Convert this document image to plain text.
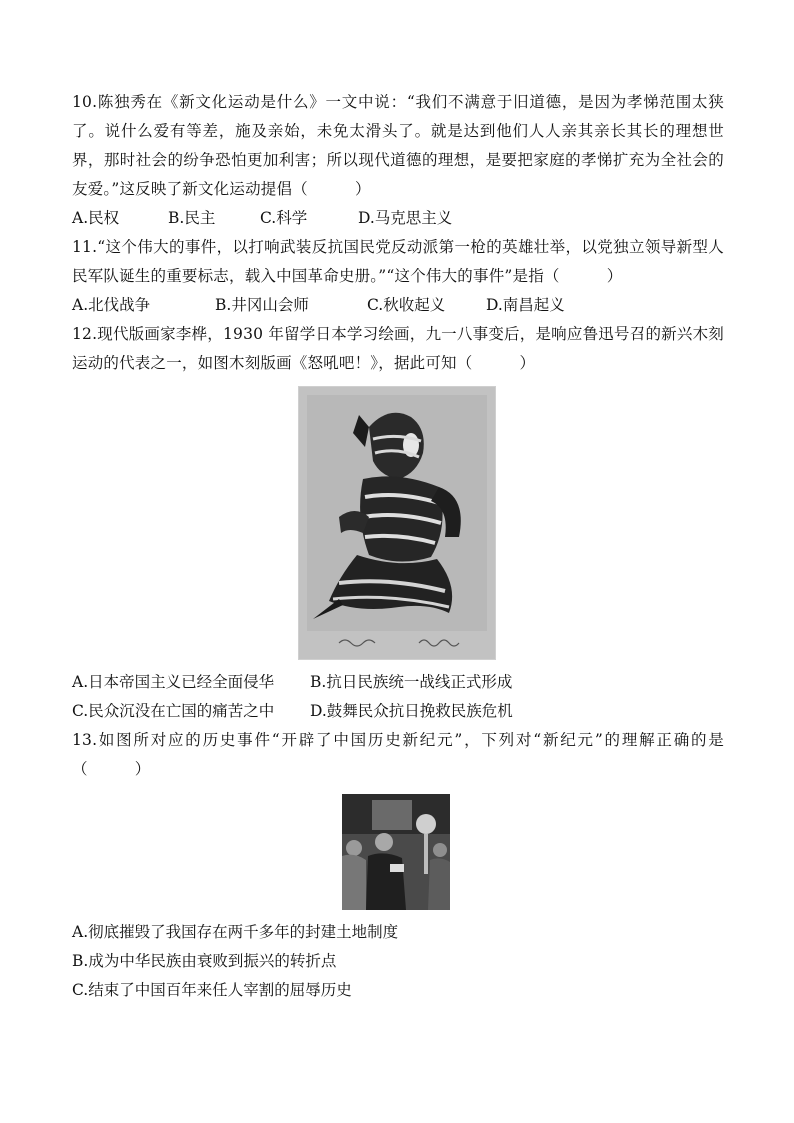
10.陈独秀在《新文化运动是什么》一文中说：“我们不满意于旧道德，是因为孝悌范围太狭了。说什么爱有等差，施及亲始，未免太滑头了。就是达到他们人人亲其亲长其长的理想世界，那时社会的纷争恐怕更加利害；所以现代道德的理想，是要把家庭的孝悌扩充为全社会的友爱。”这反映了新文化运动提倡（　　　）

A.民权	B.民主	C.科学	D.马克思主义

11.“这个伟大的事件，以打响武装反抗国民党反动派第一枪的英雄壮举，以党独立领导新型人民军队诞生的重要标志，载入中国革命史册。”“这个伟大的事件”是指（　　　）

A.北伐战争	B.井冈山会师	C.秋收起义	D.南昌起义

12.现代版画家李桦，1930 年留学日本学习绘画，九一八事变后，是响应鲁迅号召的新兴木刻运动的代表之一，如图木刻版画《怒吼吧！》，据此可知（　　　）

A.日本帝国主义已经全面侵华 B.抗日民族统一战线正式形成
C.民众沉没在亡国的痛苦之中 D.鼓舞民众抗日挽救民族危机

13.如图所对应的历史事件“开辟了中国历史新纪元”，下列对“新纪元”的理解正确的是（　　　）

A.彻底摧毁了我国存在两千多年的封建土地制度
B.成为中华民族由衰败到振兴的转折点
C.结束了中国百年来任人宰割的屈辱历史
